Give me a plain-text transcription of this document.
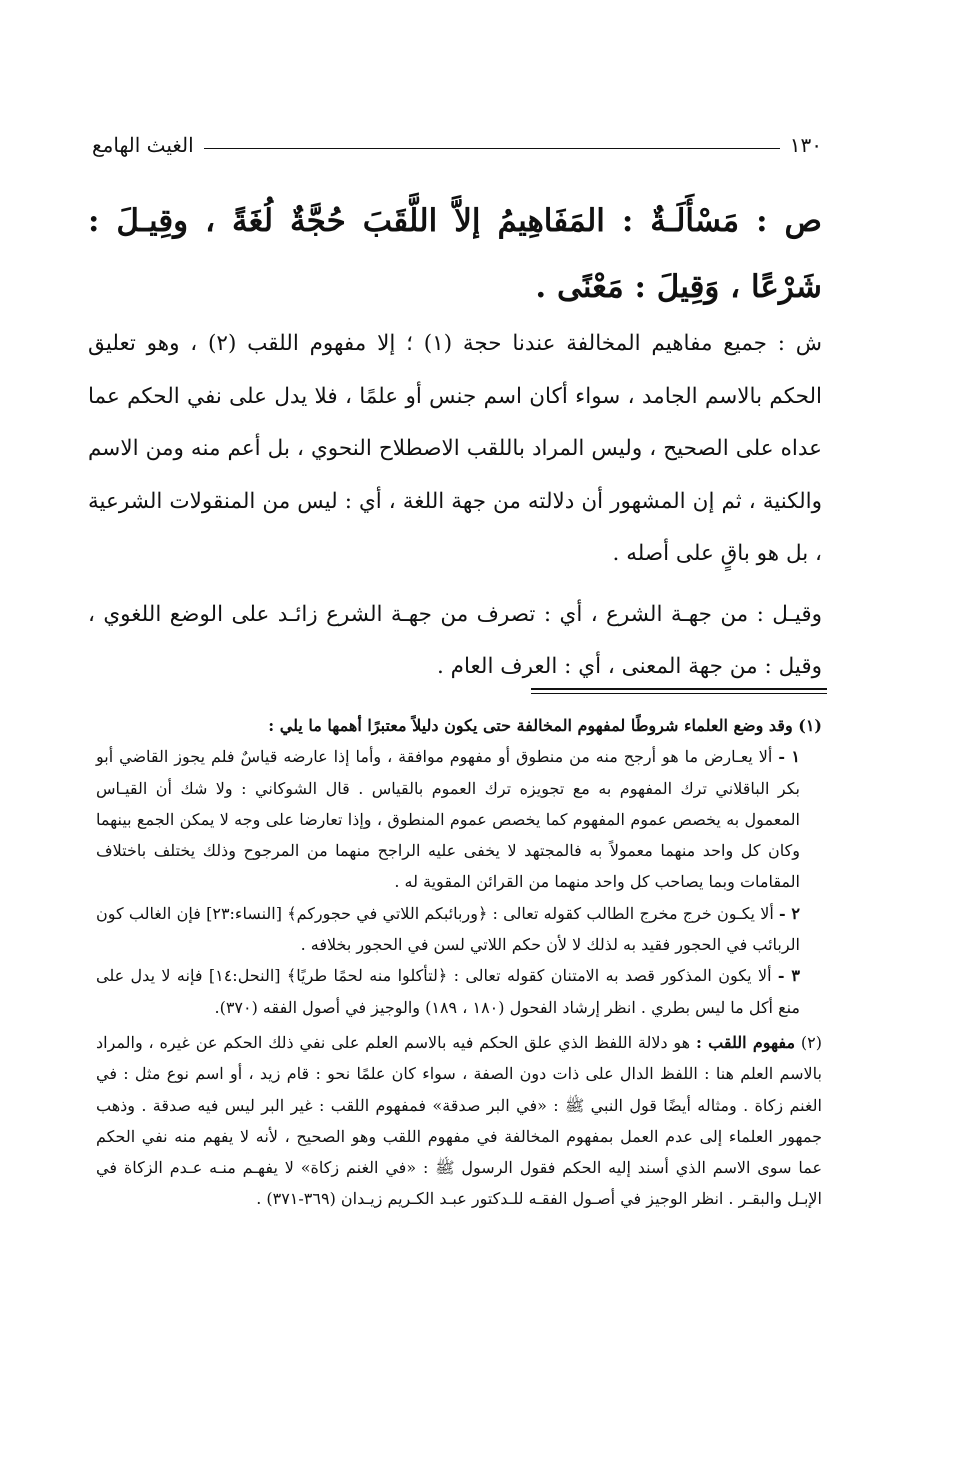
١٣٠
الغيث الهامع
ص : مَسْأَلَـةٌ : المَفَاهِيمُ إلاَّ اللَّقَبَ حُجَّةٌ لُغَةً ، وقِيـلَ : شَرْعًا ، وَقِيلَ : مَعْنًى .

ش : جميع مفاهيم المخالفة عندنا حجة (١) ؛ إلا مفهوم اللقب (٢) ، وهو تعليق الحكم بالاسم الجامد ، سواء أكان اسم جنس أو علمًا ، فلا يدل على نفي الحكم عما عداه على الصحيح ، وليس المراد باللقب الاصطلاح النحوي ، بل أعم منه ومن الاسم والكنية ، ثم إن المشهور أن دلالته من جهة اللغة ، أي : ليس من المنقولات الشرعية ، بل هو باقٍ على أصله .

وقيـل : من جهـة الشرع ، أي : تصرف من جهـة الشرع زائـد على الوضع اللغوي ، وقيل : من جهة المعنى ، أي : العرف العام .

(١) وقد وضع العلماء شروطًا لمفهوم المخالفة حتى يكون دليلاً معتبرًا أهمها ما يلي :

١ - ألا يعـارض ما هو أرجح منه من منطوق أو مفهوم موافقة ، وأما إذا عارضه قياسٌ فلم يجوز القاضي أبو بكر الباقلاني ترك المفهوم به مع تجويزه ترك العموم بالقياس . قال الشوكاني : ولا شك أن القيـاس المعمول به يخصص عموم المفهوم كما يخصص عموم المنطوق ، وإذا تعارضا على وجه لا يمكن الجمع بينهما وكان كل واحد منهما معمولاً به فالمجتهد لا يخفى عليه الراجح منهما من المرجوح وذلك يختلف باختلاف المقامات وبما يصاحب كل واحد منهما من القرائن المقوية له .

٢ - ألا يكـون خرج مخرج الطالب كقوله تعالى : ﴿وربائبكم اللاتي في حجوركم﴾ [النساء:٢٣] فإن الغالب كون الربائب في الحجور فقيد به لذلك لا لأن حكم اللاتي لسن في الحجور بخلافه .

٣ - ألا يكون المذكور قصد به الامتنان كقوله تعالى : ﴿لتأكلوا منه لحمًا طريًا﴾ [النحل:١٤] فإنه لا يدل على منع أكل ما ليس بطري . انظر إرشاد الفحول (١٨٠ ، ١٨٩) والوجيز في أصول الفقه (٣٧٠).

(٢) مفهوم اللقب : هو دلالة اللفظ الذي علق الحكم فيه بالاسم العلم على نفي ذلك الحكم عن غيره ، والمراد بالاسم العلم هنا : اللفظ الدال على ذات دون الصفة ، سواء كان علمًا نحو : قام زيد ، أو اسم نوع مثل : في الغنم زكاة . ومثاله أيضًا قول النبي ﷺ : «في البر صدقة» فمفهوم اللقب : غير البر ليس فيه صدقة . وذهب جمهور العلماء إلى عدم العمل بمفهوم المخالفة في مفهوم اللقب وهو الصحيح ، لأنه لا يفهم منه نفي الحكم عما سوى الاسم الذي أسند إليه الحكم فقول الرسول ﷺ : «في الغنم زكاة» لا يفهـم منـه عـدم الزكاة في الإبـل والبقـر . انظر الوجيز في أصـول الفقـه للـدكتور عبـد الكـريم زيـدان (٣٦٩-٣٧١) .
